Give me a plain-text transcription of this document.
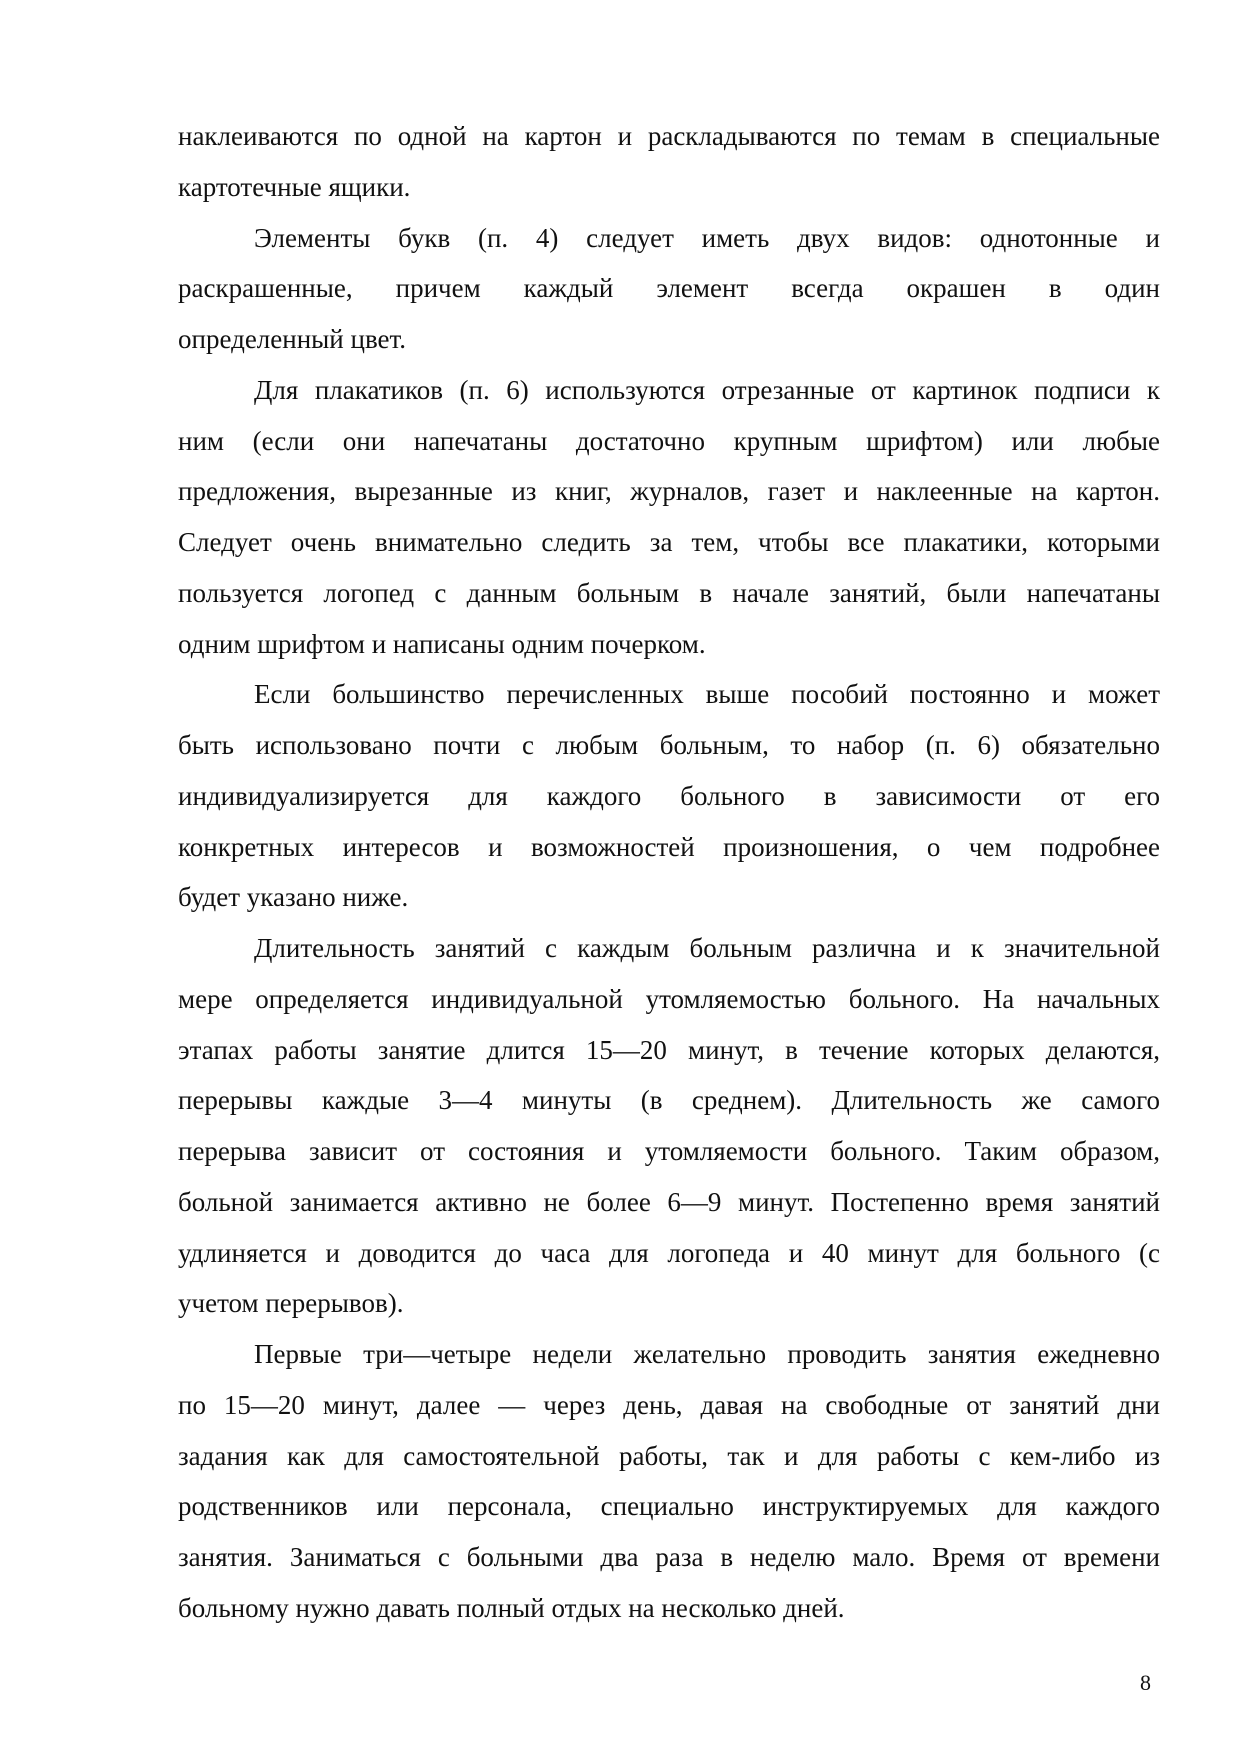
наклеиваются по одной на картон и раскладываются по темам в специальные
картотечные ящики.
Элементы букв (п. 4) следует иметь двух видов: однотонные и
раскрашенные, причем каждый элемент всегда окрашен в один
определенный цвет.
Для плакатиков (п. 6) используются отрезанные от картинок подписи к
ним (если они напечатаны достаточно крупным шрифтом) или любые
предложения, вырезанные из книг, журналов, газет и наклеенные на картон.
Следует очень внимательно следить за тем, чтобы все плакатики, которыми
пользуется логопед с данным больным в начале занятий, были напечатаны
одним шрифтом и написаны одним почерком.
Если большинство перечисленных выше пособий постоянно и может
быть использовано почти с любым больным, то набор (п. 6) обязательно
индивидуализируется для каждого больного в зависимости от его
конкретных интересов и возможностей произношения, о чем подробнее
будет указано ниже.
Длительность занятий с каждым больным различна и к значительной
мере определяется индивидуальной утомляемостью больного. На начальных
этапах работы занятие длится 15—20 минут, в течение которых делаются,
перерывы каждые 3—4 минуты (в среднем). Длительность же самого
перерыва зависит от состояния и утомляемости больного. Таким образом,
больной занимается активно не более 6—9 минут. Постепенно время занятий
удлиняется и доводится до часа для логопеда и 40 минут для больного (с
учетом перерывов).
Первые три—четыре недели желательно проводить занятия ежедневно
по 15—20 минут, далее — через день, давая на свободные от занятий дни
задания как для самостоятельной работы, так и для работы с кем-либо из
родственников или персонала, специально инструктируемых для каждого
занятия. Заниматься с больными два раза в неделю мало. Время от времени
больному нужно давать полный отдых на несколько дней.
8
